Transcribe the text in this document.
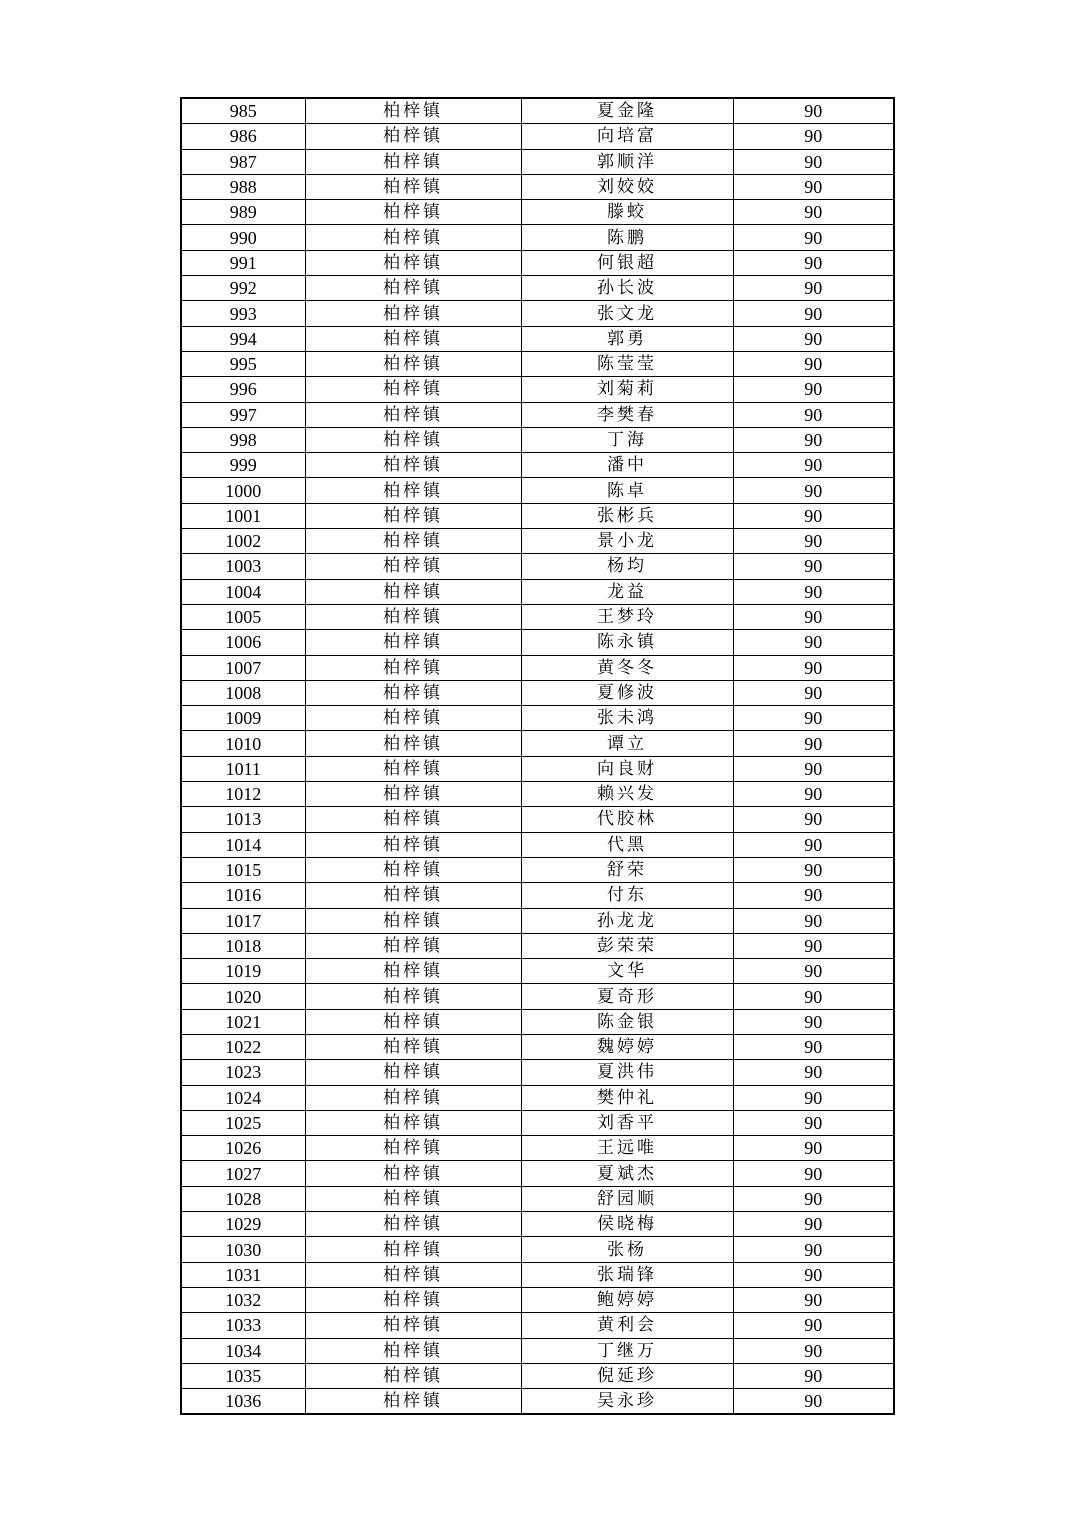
985	柏梓镇	夏金隆	90
986	柏梓镇	向培富	90
987	柏梓镇	郭顺洋	90
988	柏梓镇	刘姣姣	90
989	柏梓镇	滕蛟	90
990	柏梓镇	陈鹏	90
991	柏梓镇	何银超	90
992	柏梓镇	孙长波	90
993	柏梓镇	张文龙	90
994	柏梓镇	郭勇	90
995	柏梓镇	陈莹莹	90
996	柏梓镇	刘菊莉	90
997	柏梓镇	李樊春	90
998	柏梓镇	丁海	90
999	柏梓镇	潘中	90
1000	柏梓镇	陈卓	90
1001	柏梓镇	张彬兵	90
1002	柏梓镇	景小龙	90
1003	柏梓镇	杨均	90
1004	柏梓镇	龙益	90
1005	柏梓镇	王梦玲	90
1006	柏梓镇	陈永镇	90
1007	柏梓镇	黄冬冬	90
1008	柏梓镇	夏修波	90
1009	柏梓镇	张未鸿	90
1010	柏梓镇	谭立	90
1011	柏梓镇	向良财	90
1012	柏梓镇	赖兴发	90
1013	柏梓镇	代胶林	90
1014	柏梓镇	代黑	90
1015	柏梓镇	舒荣	90
1016	柏梓镇	付东	90
1017	柏梓镇	孙龙龙	90
1018	柏梓镇	彭荣荣	90
1019	柏梓镇	文华	90
1020	柏梓镇	夏奇形	90
1021	柏梓镇	陈金银	90
1022	柏梓镇	魏婷婷	90
1023	柏梓镇	夏洪伟	90
1024	柏梓镇	樊仲礼	90
1025	柏梓镇	刘香平	90
1026	柏梓镇	王远唯	90
1027	柏梓镇	夏斌杰	90
1028	柏梓镇	舒园顺	90
1029	柏梓镇	侯晓梅	90
1030	柏梓镇	张杨	90
1031	柏梓镇	张瑞锋	90
1032	柏梓镇	鲍婷婷	90
1033	柏梓镇	黄利会	90
1034	柏梓镇	丁继万	90
1035	柏梓镇	倪延珍	90
1036	柏梓镇	吴永珍	90
